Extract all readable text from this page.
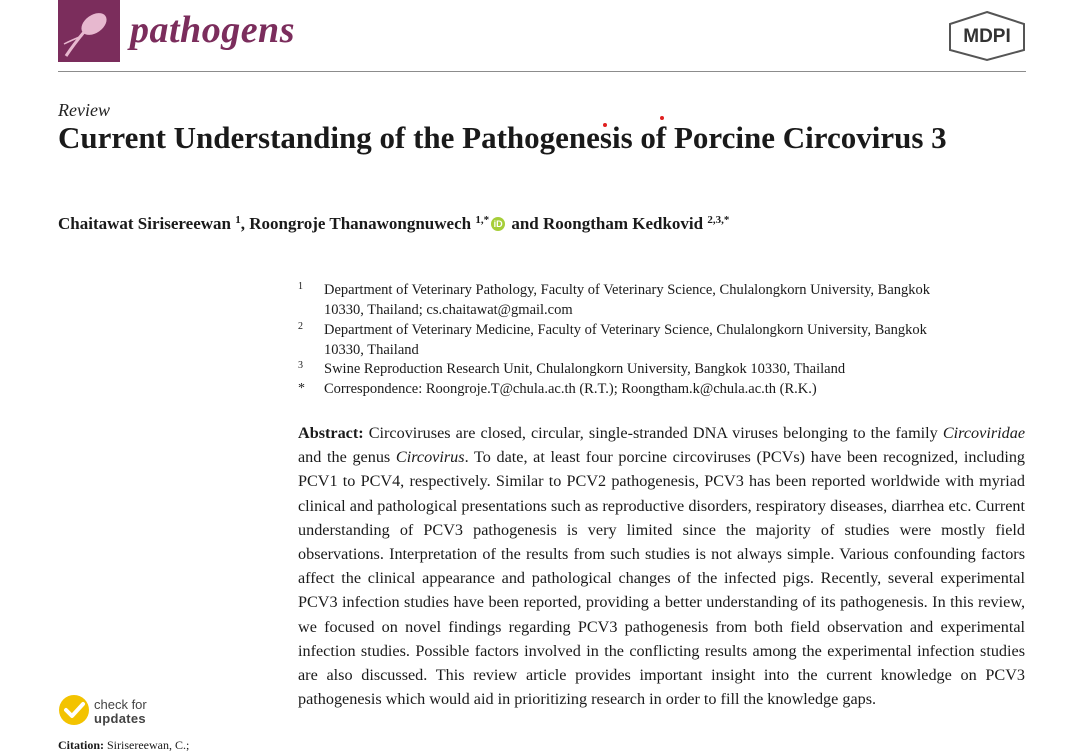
pathogens	MDPI
Review
Current Understanding of the Pathogenesis of Porcine Circovirus 3
Chaitawat Sirisereewan $^1$, Roongroje Thanawongnuwech $^{1,*}$ iD and Roongtham Kedkovid $^{2,3,*}$
1 Department of Veterinary Pathology, Faculty of Veterinary Science, Chulalongkorn University, Bangkok 10330, Thailand; cs.chaitawat@gmail.com
2 Department of Veterinary Medicine, Faculty of Veterinary Science, Chulalongkorn University, Bangkok 10330, Thailand
3 Swine Reproduction Research Unit, Chulalongkorn University, Bangkok 10330, Thailand
* Correspondence: Roongroje.T@chula.ac.th (R.T.); Roongtham.k@chula.ac.th (R.K.)
Abstract: Circoviruses are closed, circular, single-stranded DNA viruses belonging to the family Circoviridae and the genus Circovirus. To date, at least four porcine circoviruses (PCVs) have been recognized, including PCV1 to PCV4, respectively. Similar to PCV2 pathogenesis, PCV3 has been reported worldwide with myriad clinical and pathological presentations such as reproductive disorders, respiratory diseases, diarrhea etc. Current understanding of PCV3 pathogenesis is very limited since the majority of studies were mostly field observations. Interpretation of the results from such studies is not always simple. Various confounding factors affect the clinical appearance and pathological changes of the infected pigs. Recently, several experimental PCV3 infection studies have been reported, providing a better understanding of its pathogenesis. In this review, we focused on novel findings regarding PCV3 pathogenesis from both field observation and experimental infection studies. Possible factors involved in the conflicting results among the experimental infection studies are also discussed. This review article provides important insight into the current knowledge on PCV3 pathogenesis which would aid in prioritizing research in order to fill the knowledge gaps.
check for
updates
Citation: Sirisereewan, C.;
